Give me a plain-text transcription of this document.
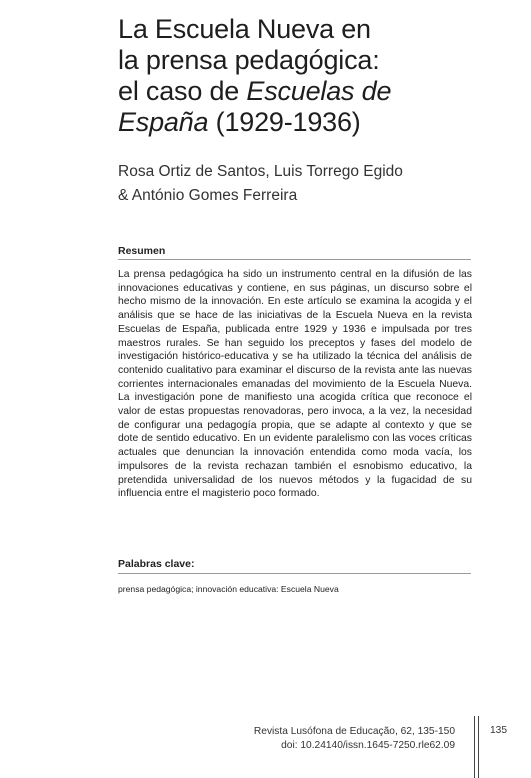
La Escuela Nueva en
la prensa pedagógica:
el caso de Escuelas de
España (1929-1936)
Rosa Ortiz de Santos, Luis Torrego Egido
& António Gomes Ferreira
Resumen
La prensa pedagógica ha sido un instrumento central en la difusión de las innovaciones educativas y contiene, en sus páginas, un discurso sobre el hecho mismo de la innovación. En este artículo se examina la acogida y el análisis que se hace de las iniciativas de la Escuela Nueva en la revista Escuelas de España, publicada entre 1929 y 1936 e impulsada por tres maestros rurales. Se han seguido los preceptos y fases del modelo de investigación histórico-educativa y se ha utilizado la técnica del análisis de contenido cualitativo para examinar el discurso de la revista ante las nuevas corrientes internacionales emanadas del movimiento de la Escuela Nueva. La investigación pone de manifiesto una acogida crítica que reconoce el valor de estas propuestas renovadoras, pero invoca, a la vez, la necesidad de configurar una pedagogía propia, que se adapte al contexto y que se dote de sentido educativo. En un evidente paralelismo con las voces críticas actuales que denuncian la innovación entendida como moda vacía, los impulsores de la revista rechazan también el esnobismo educativo, la pretendida universalidad de los nuevos métodos y la fugacidad de su influencia entre el magisterio poco formado.
Palabras clave:
prensa pedagógica; innovación educativa: Escuela Nueva
Revista Lusófona de Educação, 62, 135-150
doi: 10.24140/issn.1645-7250.rle62.09
135
